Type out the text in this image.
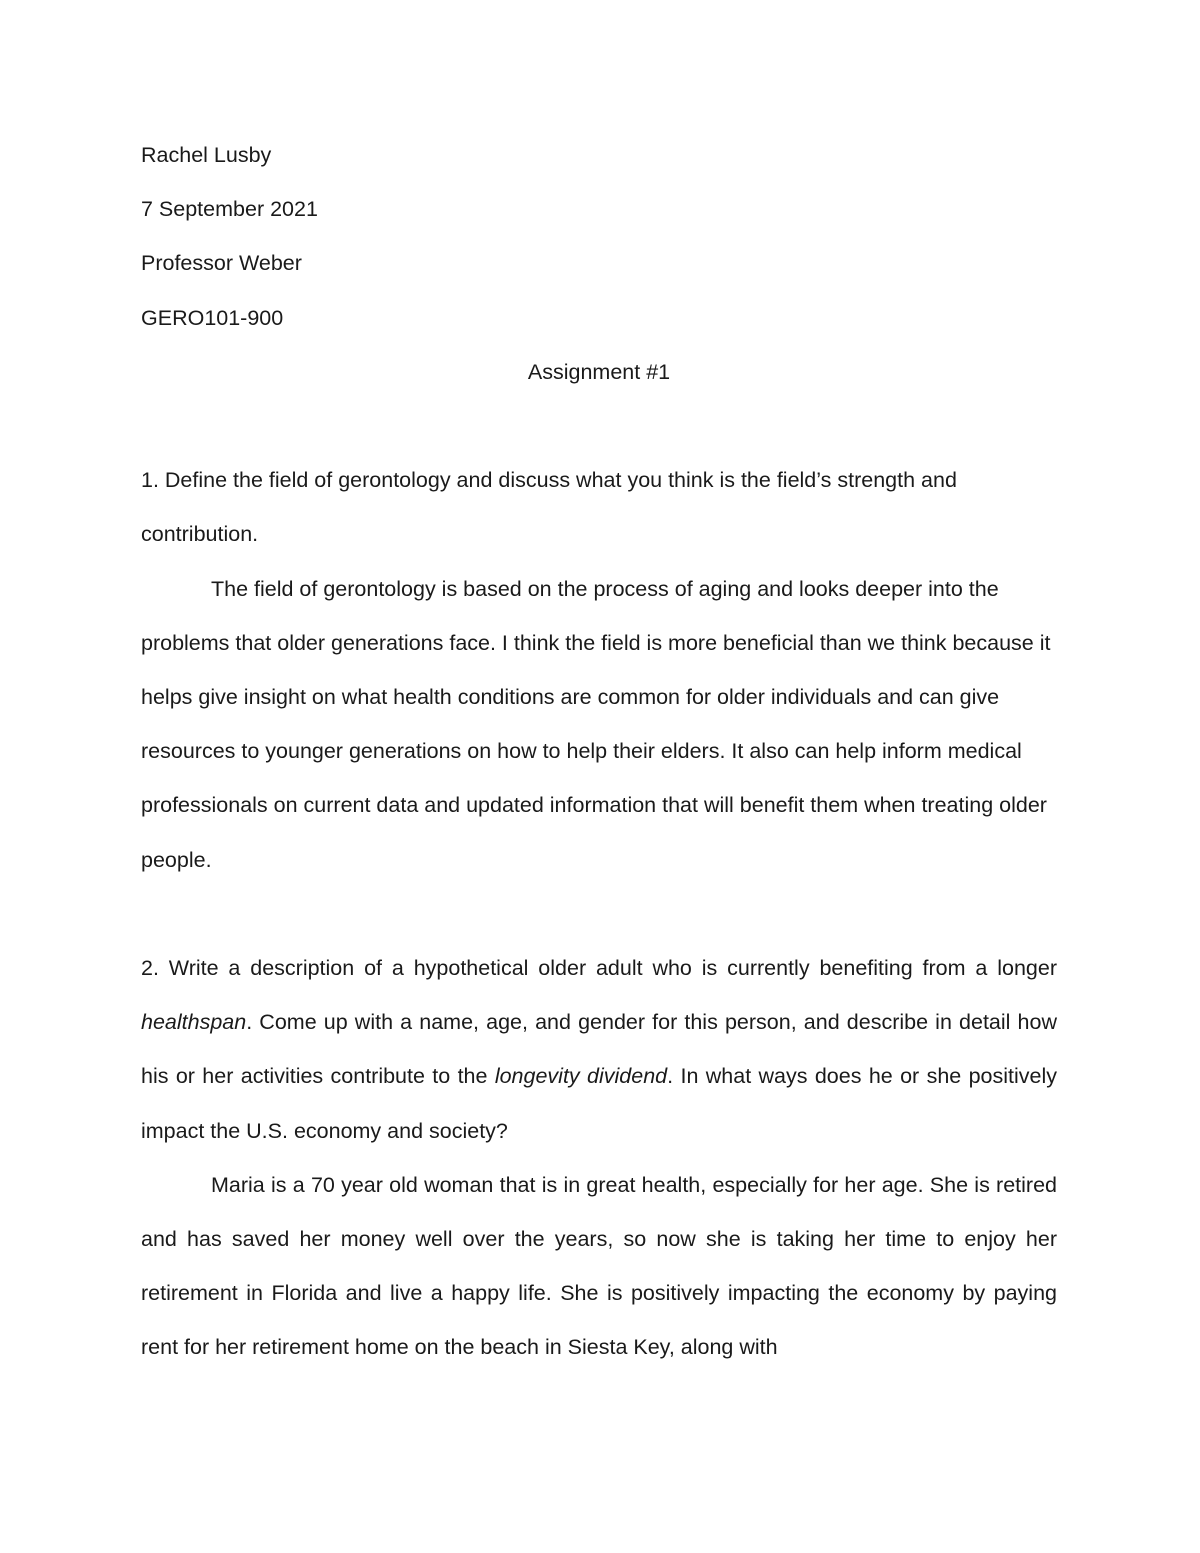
Rachel Lusby
7 September 2021
Professor Weber
GERO101-900
Assignment #1

1. Define the field of gerontology and discuss what you think is the field’s strength and contribution.

The field of gerontology is based on the process of aging and looks deeper into the problems that older generations face. I think the field is more beneficial than we think because it helps give insight on what health conditions are common for older individuals and can give resources to younger generations on how to help their elders. It also can help inform medical professionals on current data and updated information that will benefit them when treating older people.

2. Write a description of a hypothetical older adult who is currently benefiting from a longer healthspan. Come up with a name, age, and gender for this person, and describe in detail how his or her activities contribute to the longevity dividend. In what ways does he or she positively impact the U.S. economy and society?

Maria is a 70 year old woman that is in great health, especially for her age. She is retired and has saved her money well over the years, so now she is taking her time to enjoy her retirement in Florida and live a happy life. She is positively impacting the economy by paying rent for her retirement home on the beach in Siesta Key, along with
